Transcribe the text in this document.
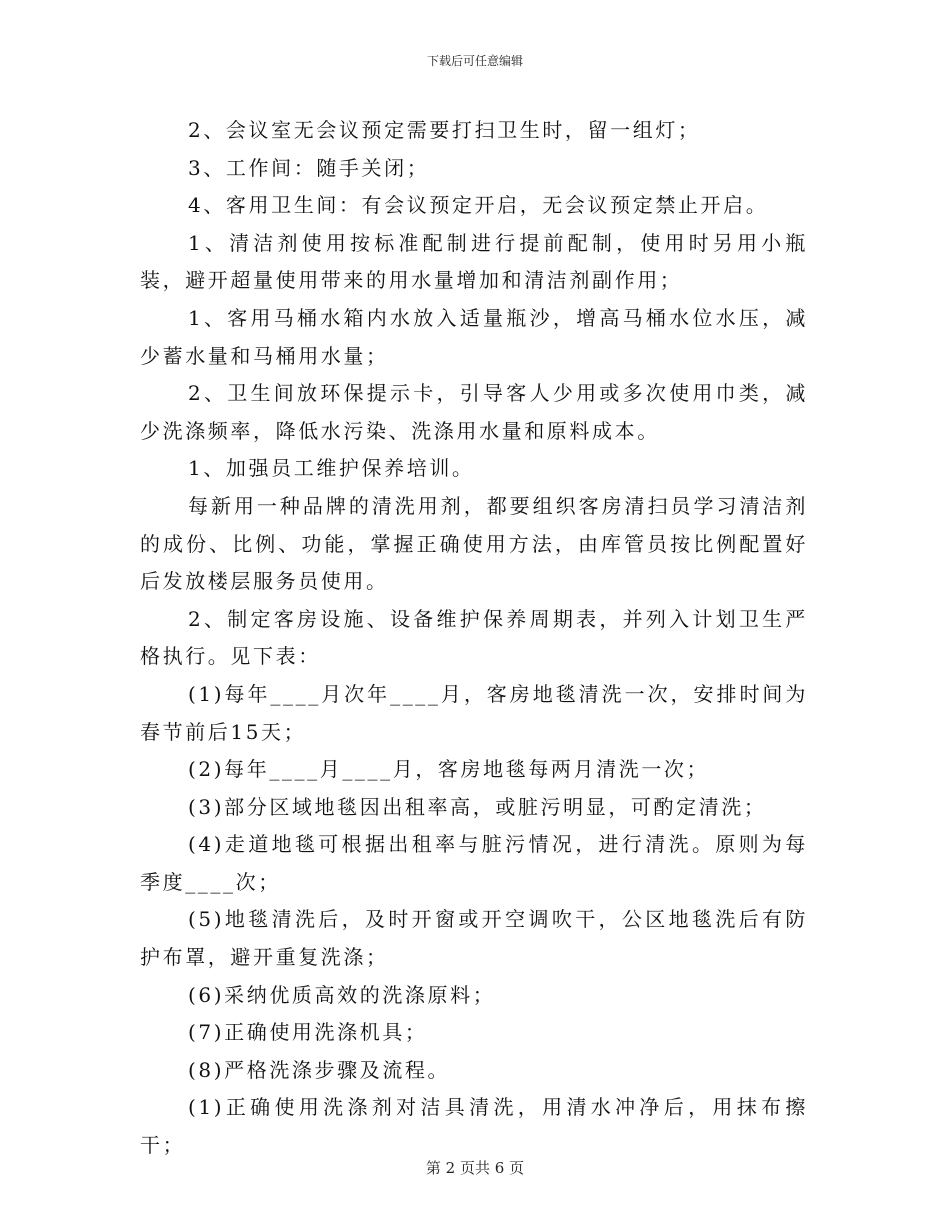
下载后可任意编辑

2、会议室无会议预定需要打扫卫生时，留一组灯；

3、工作间：随手关闭；

4、客用卫生间：有会议预定开启，无会议预定禁止开启。

1、清洁剂使用按标准配制进行提前配制，使用时另用小瓶装，避开超量使用带来的用水量增加和清洁剂副作用；

1、客用马桶水箱内水放入适量瓶沙，增高马桶水位水压，减少蓄水量和马桶用水量；

2、卫生间放环保提示卡，引导客人少用或多次使用巾类，减少洗涤频率，降低水污染、洗涤用水量和原料成本。

1、加强员工维护保养培训。

每新用一种品牌的清洗用剂，都要组织客房清扫员学习清洁剂的成份、比例、功能，掌握正确使用方法，由库管员按比例配置好后发放楼层服务员使用。

2、制定客房设施、设备维护保养周期表，并列入计划卫生严格执行。见下表：

(1)每年____月次年____月，客房地毯清洗一次，安排时间为春节前后15天；

(2)每年____月____月，客房地毯每两月清洗一次；

(3)部分区域地毯因出租率高，或脏污明显，可酌定清洗；

(4)走道地毯可根据出租率与脏污情况，进行清洗。原则为每季度____次；

(5)地毯清洗后，及时开窗或开空调吹干，公区地毯洗后有防护布罩，避开重复洗涤；

(6)采纳优质高效的洗涤原料；

(7)正确使用洗涤机具；

(8)严格洗涤步骤及流程。

(1)正确使用洗涤剂对洁具清洗，用清水冲净后，用抹布擦干；

第 2 页共 6 页
